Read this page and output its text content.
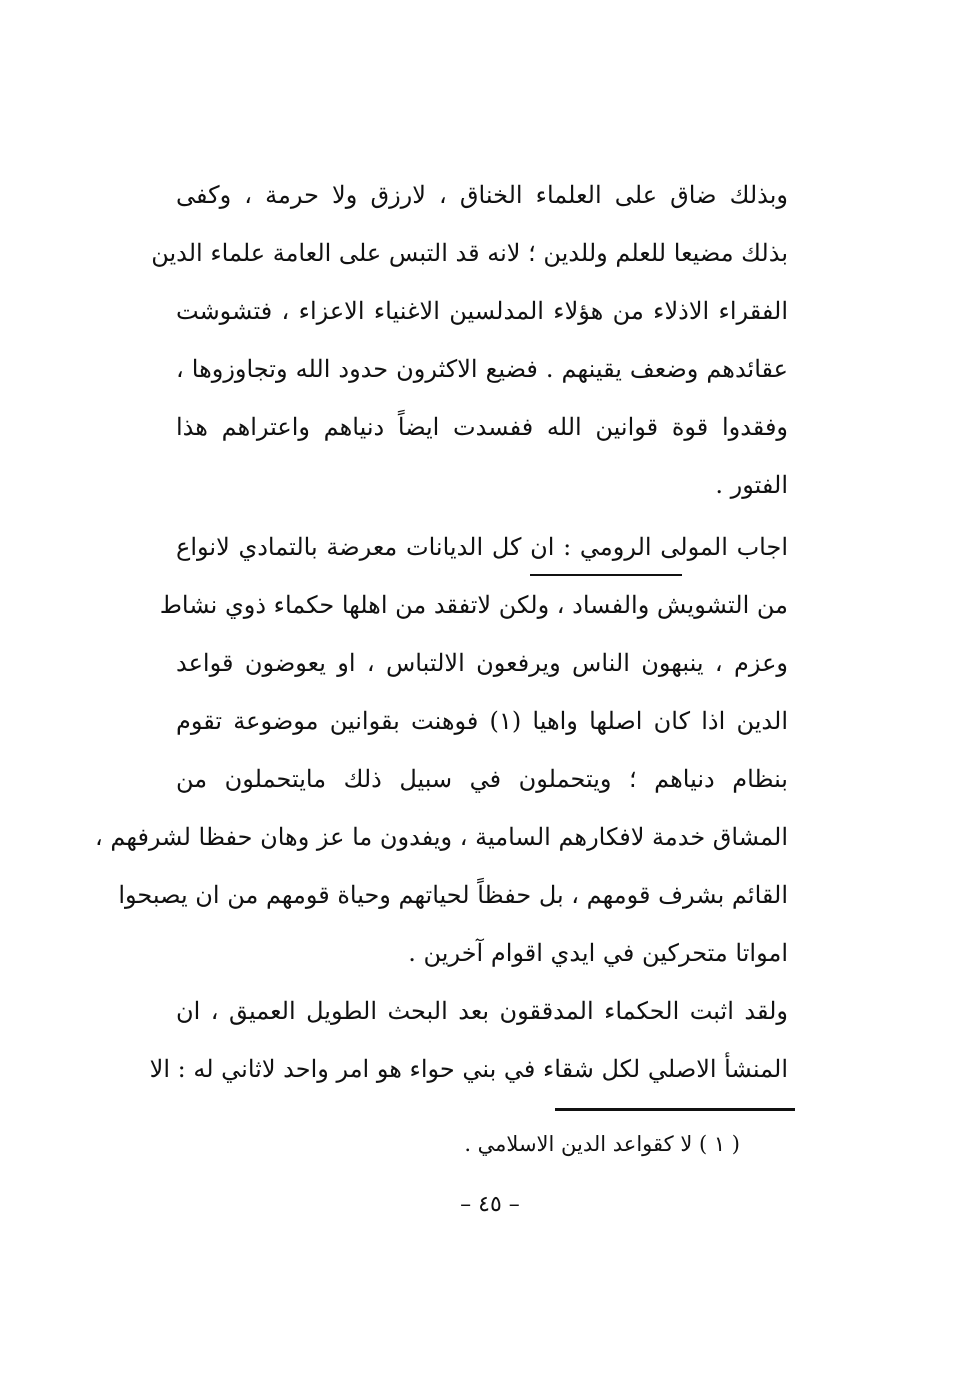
وبذلك ضاق على العلماء الخناق ، لارزق ولا حرمة ، وكفى
بذلك مضيعا للعلم وللدين ؛ لانه قد التبس على العامة علماء الدين
الفقراء الاذلاء من هؤلاء المدلسين الاغنياء الاعزاء ، فتشوشت
عقائدهم وضعف يقينهم . فضيع الاكثرون حدود الله وتجاوزوها ،
وفقدوا قوة قوانين الله ففسدت ايضاً دنياهم واعتراهم هذا
الفتور .
اجاب المولى الرومي : ان كل الديانات معرضة بالتمادي لانواع
من التشويش والفساد ، ولكن لاتفقد من اهلها حكماء ذوي نشاط
وعزم ، ينبهون الناس ويرفعون الالتباس ، او يعوضون قواعد
الدين اذا كان اصلها واهيا (١) فوهنت بقوانين موضوعة تقوم
بنظام دنياهم ؛ ويتحملون في سبيل ذلك مايتحملون من
المشاق خدمة لافكارهم السامية ، ويفدون ما عز وهان حفظا لشرفهم ،
القائم بشرف قومهم ، بل حفظاً لحياتهم وحياة قومهم من ان يصبحوا
امواتا متحركين في ايدي اقوام آخرين .
ولقد اثبت الحكماء المدققون بعد البحث الطويل العميق ، ان
المنشأ الاصلي لكل شقاء في بني حواء هو امر واحد لاثاني له : الا
( ١ ) لا كقواعد الدين الاسلامي .
– ٤٥ –
